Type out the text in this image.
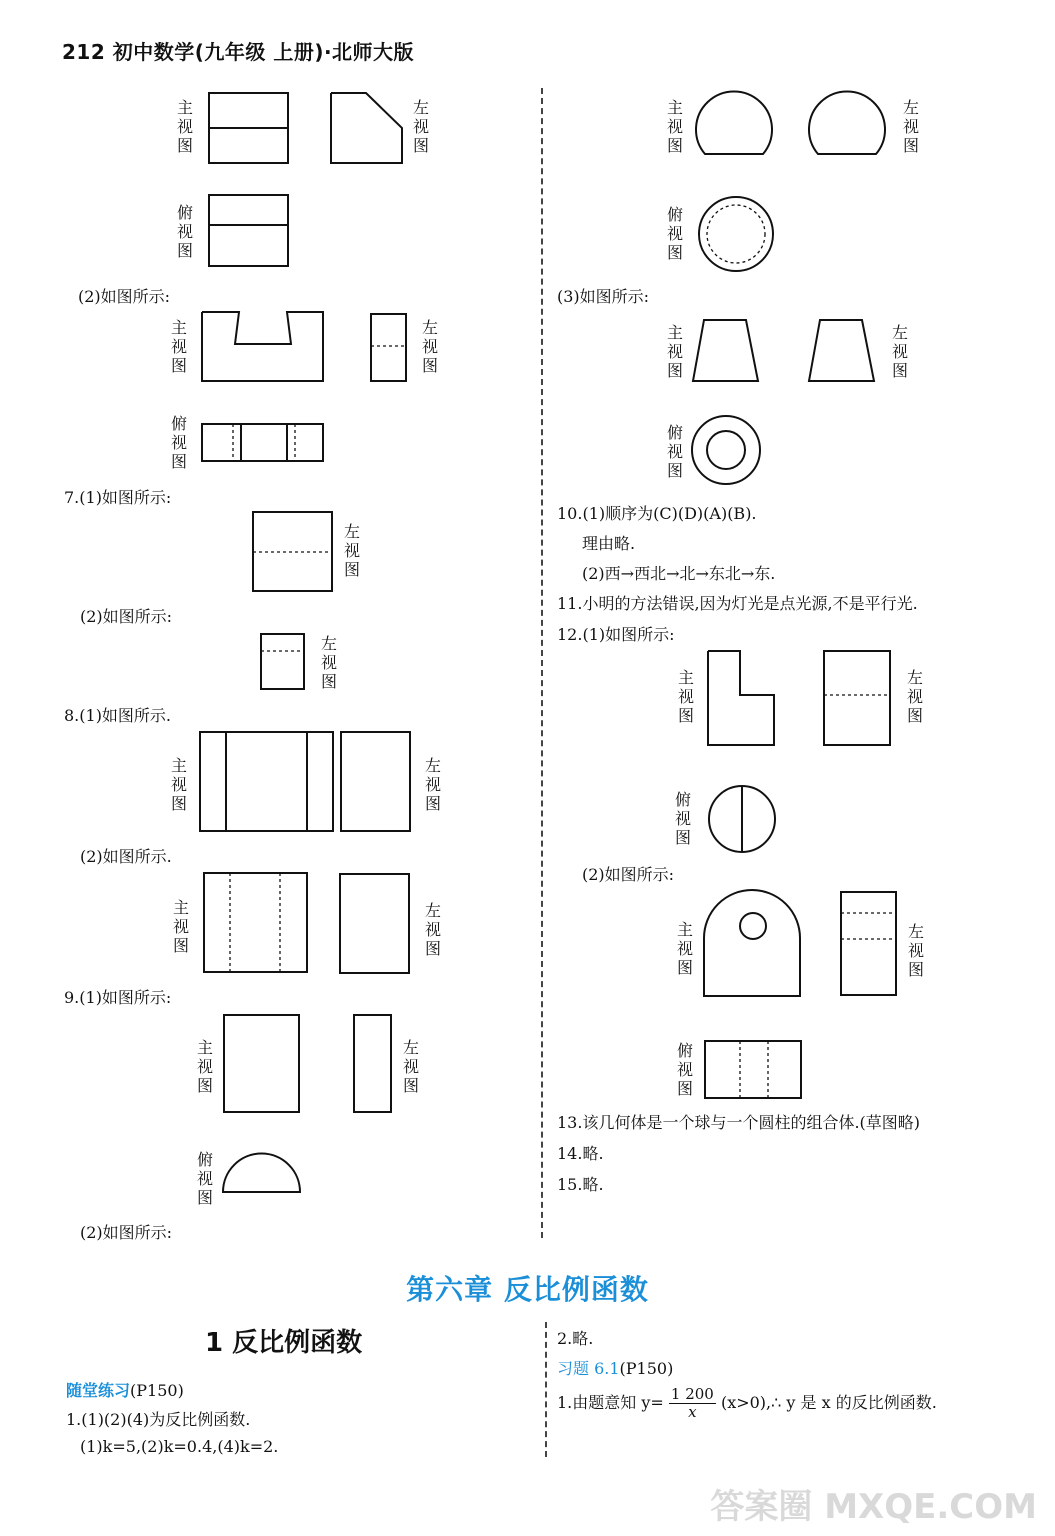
212 初中数学(九年级 上册)·北师大版
主
视
图
左
视
图
俯
视
图
(2)如图所示:
主
视
图
左
视
图
俯
视
图
7.(1)如图所示:
左
视
图
(2)如图所示:
左
视
图
8.(1)如图所示.
主
视
图
左
视
图
(2)如图所示.
主
视
图
左
视
图
9.(1)如图所示:
主
视
图
左
视
图
俯
视
图
(2)如图所示:
主
视
图
左
视
图
俯
视
图
(3)如图所示:
主
视
图
左
视
图
俯
视
图
10.(1)顺序为(C)(D)(A)(B).
理由略.
(2)西→西北→北→东北→东.
11.小明的方法错误,因为灯光是点光源,不是平行光.
12.(1)如图所示:
主
视
图
左
视
图
俯
视
图
(2)如图所示:
主
视
图
左
视
图
俯
视
图
13.该几何体是一个球与一个圆柱的组合体.(草图略)
14.略.
15.略.
第六章 反比例函数
1 反比例函数
随堂练习(P150)
1.(1)(2)(4)为反比例函数.
(1)k=5,(2)k=0.4,(4)k=2.
2.略.
习题 6.1(P150)
1.由题意知 $y= \frac{1 200}{x}$ (x>0),∴ y 是 x 的反比例函数.
答案圈 MXQE.COM
